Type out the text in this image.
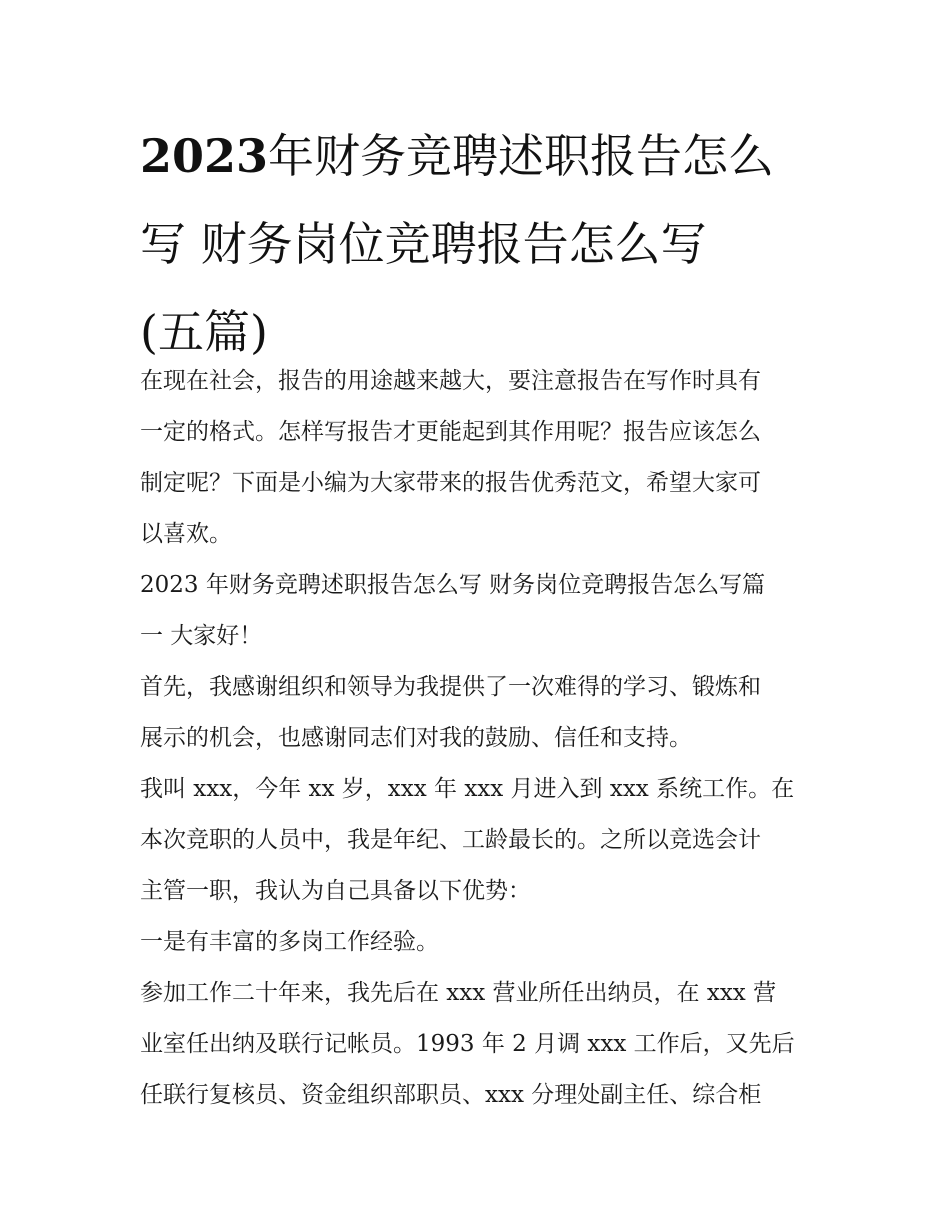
2023年财务竞聘述职报告怎么
写 财务岗位竞聘报告怎么写
(五篇)
在现在社会，报告的用途越来越大，要注意报告在写作时具有
一定的格式。怎样写报告才更能起到其作用呢？报告应该怎么
制定呢？下面是小编为大家带来的报告优秀范文，希望大家可
以喜欢。
2023 年财务竞聘述职报告怎么写 财务岗位竞聘报告怎么写篇
一 大家好！
首先，我感谢组织和领导为我提供了一次难得的学习、锻炼和
展示的机会，也感谢同志们对我的鼓励、信任和支持。
我叫 xxx，今年 xx 岁，xxx 年 xxx 月进入到 xxx 系统工作。在
本次竞职的人员中，我是年纪、工龄最长的。之所以竞选会计
主管一职，我认为自己具备以下优势：
一是有丰富的多岗工作经验。
参加工作二十年来，我先后在 xxx 营业所任出纳员，在 xxx 营
业室任出纳及联行记帐员。1993 年 2 月调 xxx 工作后，又先后
任联行复核员、资金组织部职员、xxx 分理处副主任、综合柜
